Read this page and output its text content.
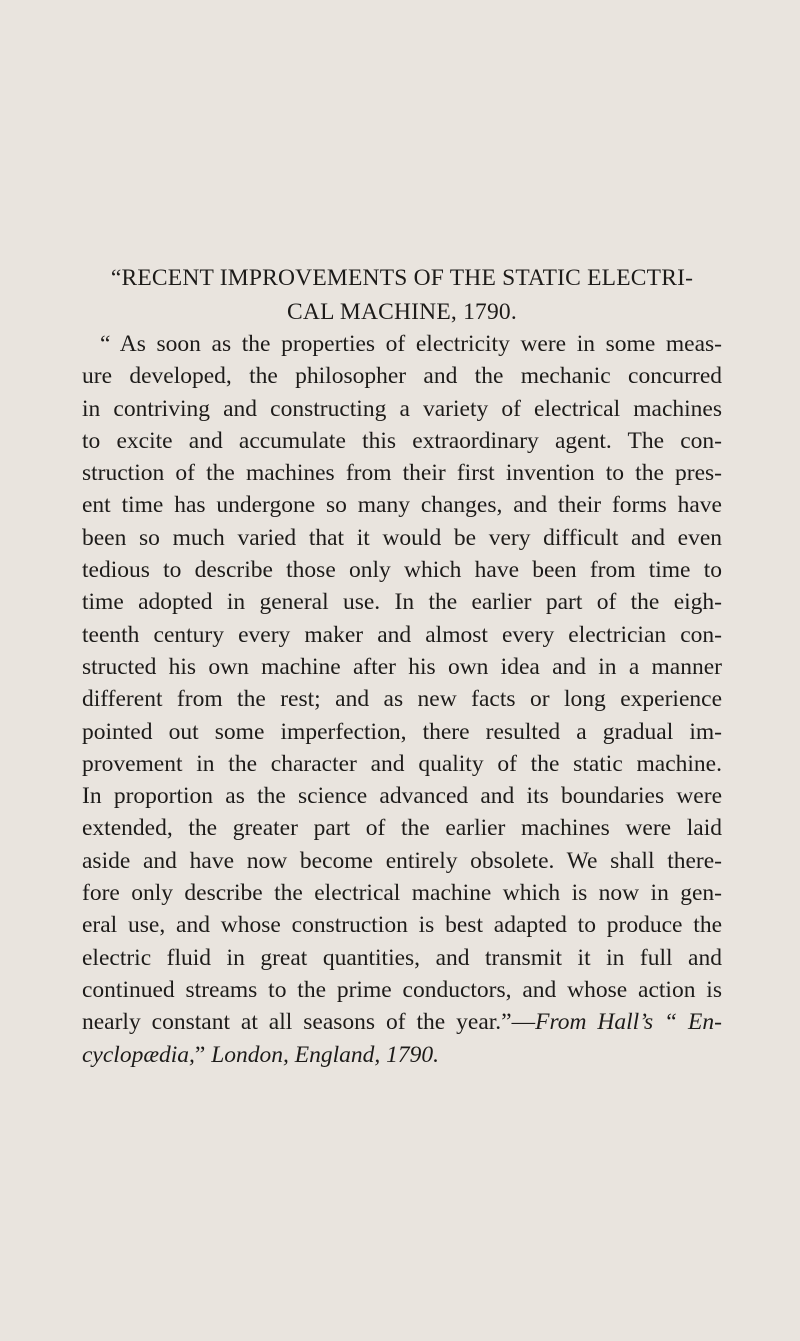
“RECENT IMPROVEMENTS OF THE STATIC ELECTRI-
CAL MACHINE, 1790.
“ As soon as the properties of electricity were in some meas-
ure developed, the philosopher and the mechanic concurred
in contriving and constructing a variety of electrical machines
to excite and accumulate this extraordinary agent. The con-
struction of the machines from their first invention to the pres-
ent time has undergone so many changes, and their forms have
been so much varied that it would be very difficult and even
tedious to describe those only which have been from time to
time adopted in general use. In the earlier part of the eigh-
teenth century every maker and almost every electrician con-
structed his own machine after his own idea and in a manner
different from the rest; and as new facts or long experience
pointed out some imperfection, there resulted a gradual im-
provement in the character and quality of the static machine.
In proportion as the science advanced and its boundaries were
extended, the greater part of the earlier machines were laid
aside and have now become entirely obsolete. We shall there-
fore only describe the electrical machine which is now in gen-
eral use, and whose construction is best adapted to produce the
electric fluid in great quantities, and transmit it in full and
continued streams to the prime conductors, and whose action is
nearly constant at all seasons of the year.”—From Hall’s “ En-
cyclopædia,” London, England, 1790.
